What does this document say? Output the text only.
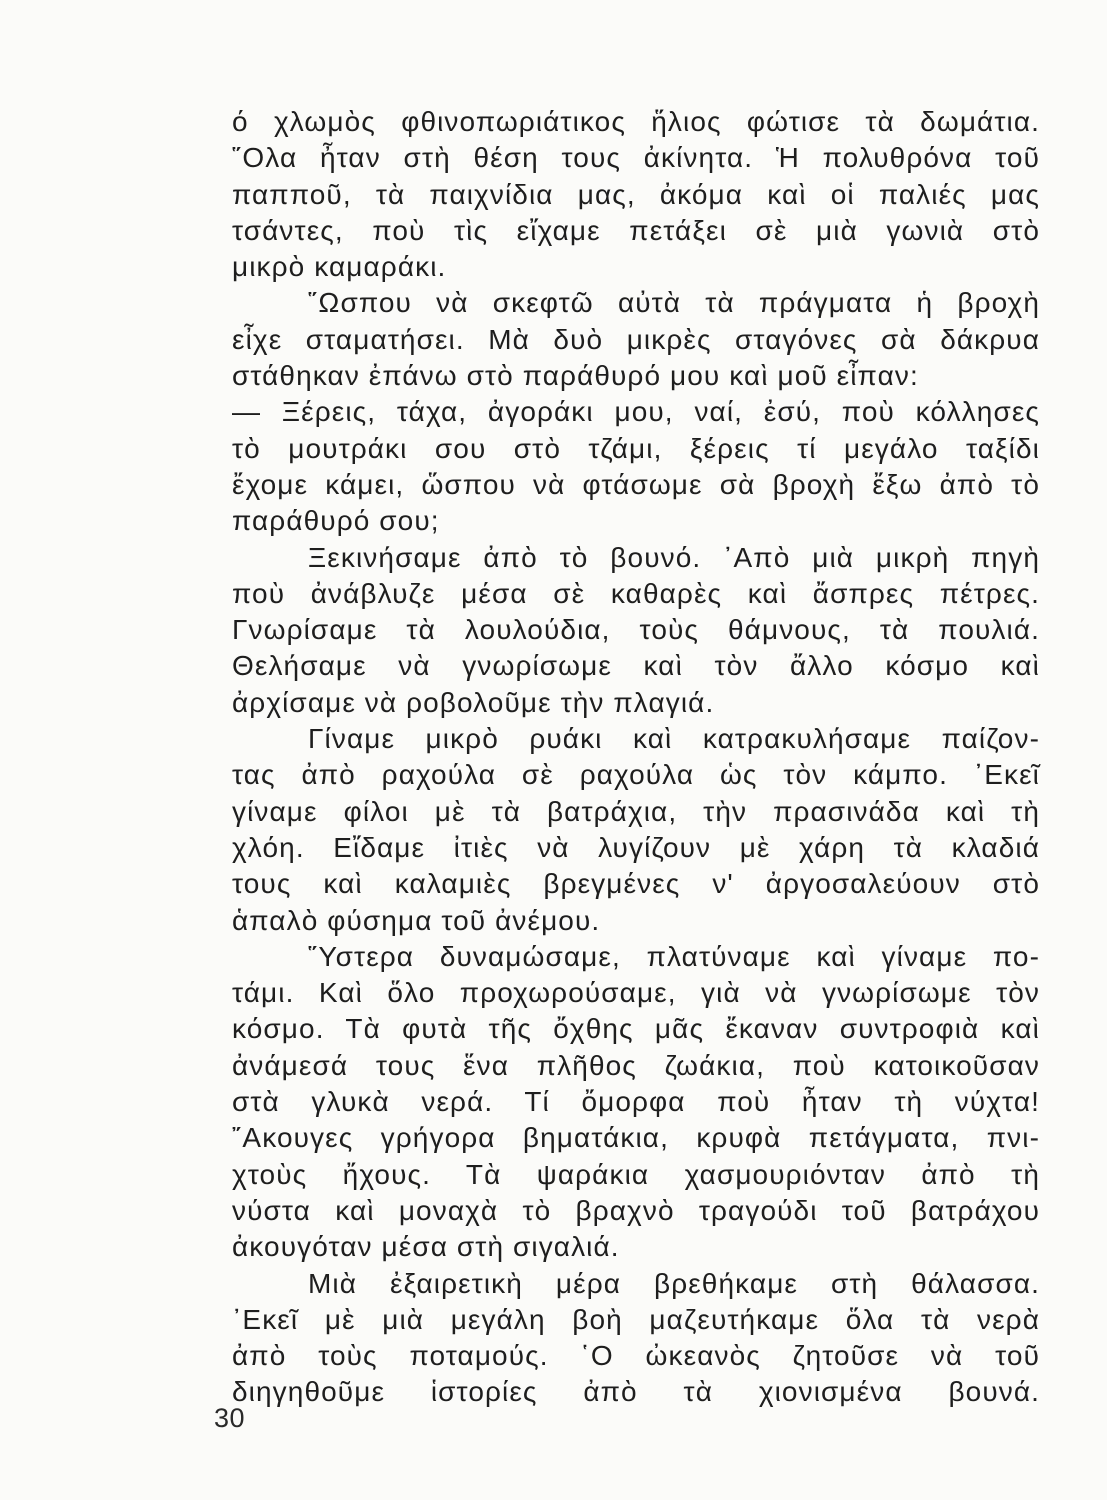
ό χλωμὸς φθινοπωριάτικος ἥλιος φώτισε τὰ δωμάτια.
῞Ολα ἦταν στὴ θέση τους ἀκίνητα. Ἡ πολυθρόνα τοῦ
παπποῦ, τὰ παιχνίδια μας, ἀκόμα καὶ οἱ παλιές μας
τσάντες, ποὺ τὶς εἴχαμε πετάξει σὲ μιὰ γωνιὰ στὸ
μικρὸ καμαράκι.
῞Ωσπου νὰ σκεφτῶ αὐτὰ τὰ πράγματα ἡ βροχὴ
εἶχε σταματήσει. Μὰ δυὸ μικρὲς σταγόνες σὰ δάκρυα
στάθηκαν ἐπάνω στὸ παράθυρό μου καὶ μοῦ εἶπαν:
— Ξέρεις, τάχα, ἀγοράκι μου, ναί, ἐσύ, ποὺ κόλλησες
τὸ μουτράκι σου στὸ τζάμι, ξέρεις τί μεγάλο ταξίδι
ἔχομε κάμει, ὥσπου νὰ φτάσωμε σὰ βροχὴ ἔξω ἀπὸ τὸ
παράθυρό σου;
Ξεκινήσαμε ἀπὸ τὸ βουνό. ᾿Απὸ μιὰ μικρὴ πηγὴ
ποὺ ἀνάβλυζε μέσα σὲ καθαρὲς καὶ ἄσπρες πέτρες.
Γνωρίσαμε τὰ λουλούδια, τοὺς θάμνους, τὰ πουλιά.
Θελήσαμε νὰ γνωρίσωμε καὶ τὸν ἄλλο κόσμο καὶ
ἀρχίσαμε νὰ ροβολοῦμε τὴν πλαγιά.
Γίναμε μικρὸ ρυάκι καὶ κατρακυλήσαμε παίζον-
τας ἀπὸ ραχούλα σὲ ραχούλα ὡς τὸν κάμπο. ᾿Εκεῖ
γίναμε φίλοι μὲ τὰ βατράχια, τὴν πρασινάδα καὶ τὴ
χλόη. Εἴδαμε ἰτιὲς νὰ λυγίζουν μὲ χάρη τὰ κλαδιά
τους καὶ καλαμιὲς βρεγμένες ν' ἀργοσαλεύουν στὸ
ἁπαλὸ φύσημα τοῦ ἀνέμου.
῞Υστερα δυναμώσαμε, πλατύναμε καὶ γίναμε πο-
τάμι. Καὶ ὅλο προχωρούσαμε, γιὰ νὰ γνωρίσωμε τὸν
κόσμο. Τὰ φυτὰ τῆς ὄχθης μᾶς ἔκαναν συντροφιὰ καὶ
ἀνάμεσά τους ἕνα πλῆθος ζωάκια, ποὺ κατοικοῦσαν
στὰ γλυκὰ νερά. Τί ὄμορφα ποὺ ἦταν τὴ νύχτα!
῎Ακουγες γρήγορα βηματάκια, κρυφὰ πετάγματα, πνι-
χτοὺς ἤχους. Τὰ ψαράκια χασμουριόνταν ἀπὸ τὴ
νύστα καὶ μοναχὰ τὸ βραχνὸ τραγούδι τοῦ βατράχου
ἀκουγόταν μέσα στὴ σιγαλιά.
Μιὰ ἐξαιρετικὴ μέρα βρεθήκαμε στὴ θάλασσα.
᾿Εκεῖ μὲ μιὰ μεγάλη βοὴ μαζευτήκαμε ὅλα τὰ νερὰ
ἀπὸ τοὺς ποταμούς. ῾Ο ὠκεανὸς ζητοῦσε νὰ τοῦ
διηγηθοῦμε ἱστορίες ἀπὸ τὰ χιονισμένα βουνά.
30
